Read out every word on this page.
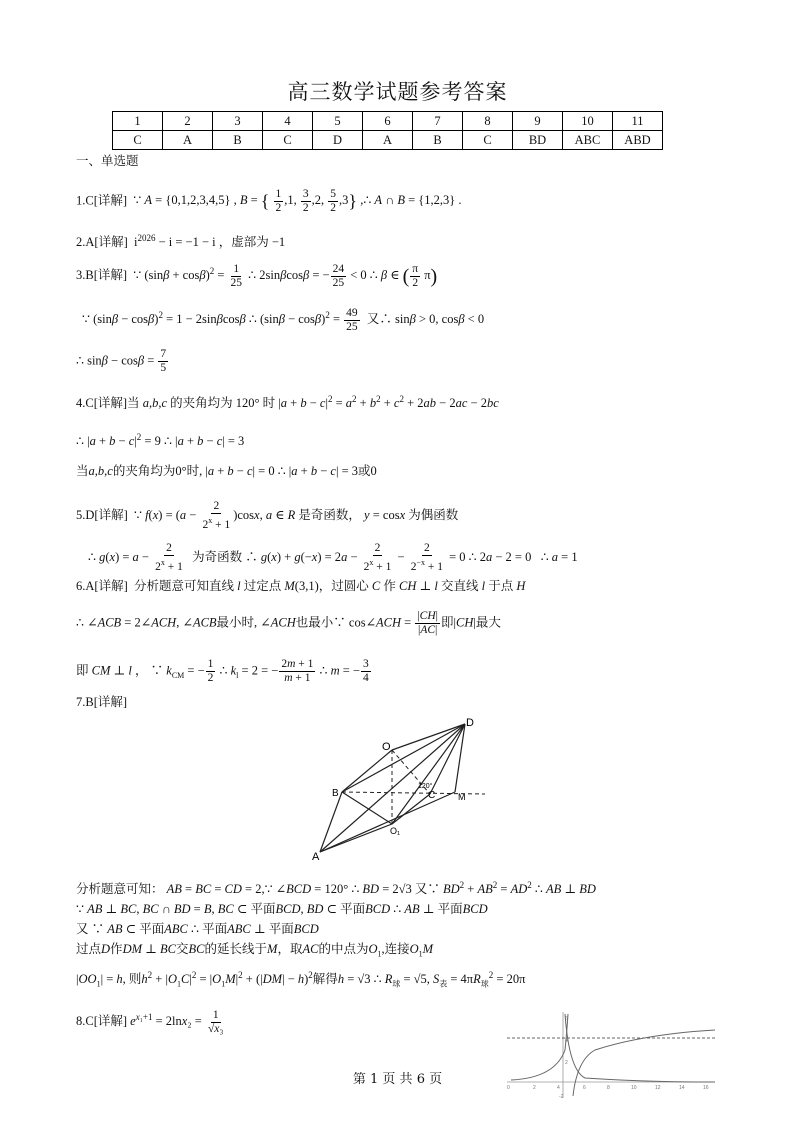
高三数学试题参考答案
1	2	3	4	5	6	7	8	9	10	11
C	A	B	C	D	A	B	C	BD	ABC	ABD
一、单选题
1.C[详解]  ∵ A = {0,1,2,3,4,5} , B = { $\frac{1}{2} ,1$, $\frac{3}{2} ,2$, $\frac{5}{2} ,3$} ,∴ A ∩ B = {1,2,3} .
2.A[详解]  $i^{2026} - i = -1 - i$ ，虚部为 −1
3.B[详解]  ∵ $(\sin\beta + \cos\beta)^2 = \frac{1}{25}$ ∴ 2sinβcosβ = − $\frac{24}{25} < 0$ ∴ β ∈ ( $\frac{\pi}{2} \pi$)
∵ $(\sin\beta - \cos\beta)^2 = 1 - 2\sin\beta\cos\beta$ ∴ $(\sin\beta - \cos\beta)^2 = \frac{49}{25}$ 又∴ sinβ > 0, cosβ < 0
∴ $\sin\beta - \cos\beta = \frac{7}{5}$
4.C[详解]当 a,b,c 的夹角均为 120° 时 $|a + b - c|^2 = a^2 + b^2 + c^2 + 2ab - 2ac - 2bc$
∴ $|a + b - c|^2 = 9$ ∴ |a + b − c| = 3
当a,b,c的夹角均为0°时, |a + b − c| = 0 ∴ |a + b − c| = 3或0
5.D[详解]  ∵ $f(x) = (a - \frac{2}{2^x + 1} )\cos x$, a ∈ R 是奇函数， y = cosx 为偶函数
∴ $g(x) = a - \frac{2}{2^x + 1}$ 为奇函数 ∴ $g(x) + g(-x) = 2a - \frac{2}{2^x + 1} - \frac{2}{2^{-x} + 1} = 0$ ∴ 2a − 2 = 0   ∴ a = 1
6.A[详解]  分析题意可知直线 l 过定点 M(3,1)，过圆心 C 作 CH ⊥ l 交直线 l 于点 H
∴ ∠ACB = 2∠ACH, ∠ACB最小时, ∠ACH也最小∵ cos∠ACH = $\frac{|CH|}{|AC|}$ 即|CH|最大
即 CM ⊥ l ， ∵ $k_{CM}$ = − $\frac{1}{2}$ ∴ $k_l = 2$ = − $\frac{2m + 1}{m + 1}$ ∴ m = − $\frac{3}{4}$
7.B[详解]
O
D
B	C	M
O₁
A
120°
分析题意可知： AB = BC = CD = 2,∵ ∠BCD = 120° ∴ BD = 2√3 又∵ $BD^2 + AB^2 = AD^2$ ∴ AB ⊥ BD
∵ AB ⊥ BC, BC ∩ BD = B, BC ⊂ 平面BCD, BD ⊂ 平面BCD ∴ AB ⊥ 平面BCD
又 ∵ AB ⊂ 平面ABC ∴ 平面ABC ⊥ 平面BCD
过点D作DM ⊥ BC交BC的延长线于M，取AC的中点为$O_1$,连接$O_1M$
$|OO_1| = h$, 则$h^2 + |O_1C|^2 = |O_1M|^2 + (|DM| - h)^2$解得h = √3 ∴ $R_球 = √5$, $S_表 = 4\pi R_球^2 = 20\pi$
8.C[详解] $e^{x_1+1} = 2\ln x_2 = \frac{1}{\text{√x₃}}$
0	2	4	6	8	10	12	14	16
6
4
2
-2
第 1 页 共 6 页
